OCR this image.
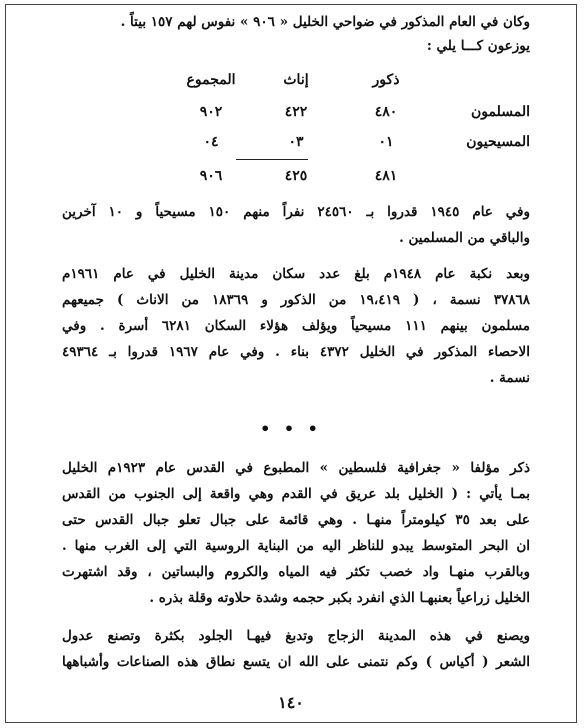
وكان في العام المذكور في ضواحي الخليل « ٩٠٦ » نفوس لهم ١٥٧ بيتاً .
يوزعون كـــا يلي :
ذكور
إناث
المجموع
المسلمون
٤٨٠
٤٢٢
٩٠٢
المسيحيون
٠١
٠٣
٠٤
٤٨١
٤٢٥
٩٠٦
وفي عام ١٩٤٥ قدروا بـ ٢٤٥٦٠ نفراً منهم ١٥٠ مسيحياً و ١٠ آخرين
والباقي من المسلمين .
وبعد نكبة عام ١٩٤٨م بلغ عدد سكان مدينة الخليل في عام ١٩٦١م
٣٧٨٦٨ نسمة ، ( ١٩،٤١٩ من الذكور و ١٨٣٦٩ من الاناث ) جميعهم
مسلمون بينهم ١١١ مسيحياً ويؤلف هؤلاء السكان ٦٢٨١ أسرة . وفي
الاحصاء المذكور في الخليل ٤٣٧٢ بناء . وفي عام ١٩٦٧ قدروا بـ ٤٩٣٦٤
نسمة .
• • •
ذكر مؤلفا « جغرافية فلسطين » المطبوع في القدس عام ١٩٢٣م الخليل
بمـا يأتي : ( الخليل بلد عريق في القدم وهي واقعة إلى الجنوب من القدس
على بعد ٣٥ كيلومتراً منهـا . وهي قائمة على جبال تعلو جبال القدس حتى
ان البحر المتوسط يبدو للناظر اليه من البناية الروسية التي إلى الغرب منها .
وبالقرب منهـا واد خصب تكثر فيه المياه والكروم والبساتين ، وقد اشتهرت
الخليل زراعياً بعنبهـا الذي انفرد بكبر حجمه وشدة حلاوته وقلة بذره .
ويصنع في هذه المدينة الزجاج وتدبغ فيهـا الجلود بكثرة وتصنع عدول
الشعر ( أكياس ) وكم نتمنى على الله ان يتسع نطاق هذه الصناعات وأشباهها
١٤٠
